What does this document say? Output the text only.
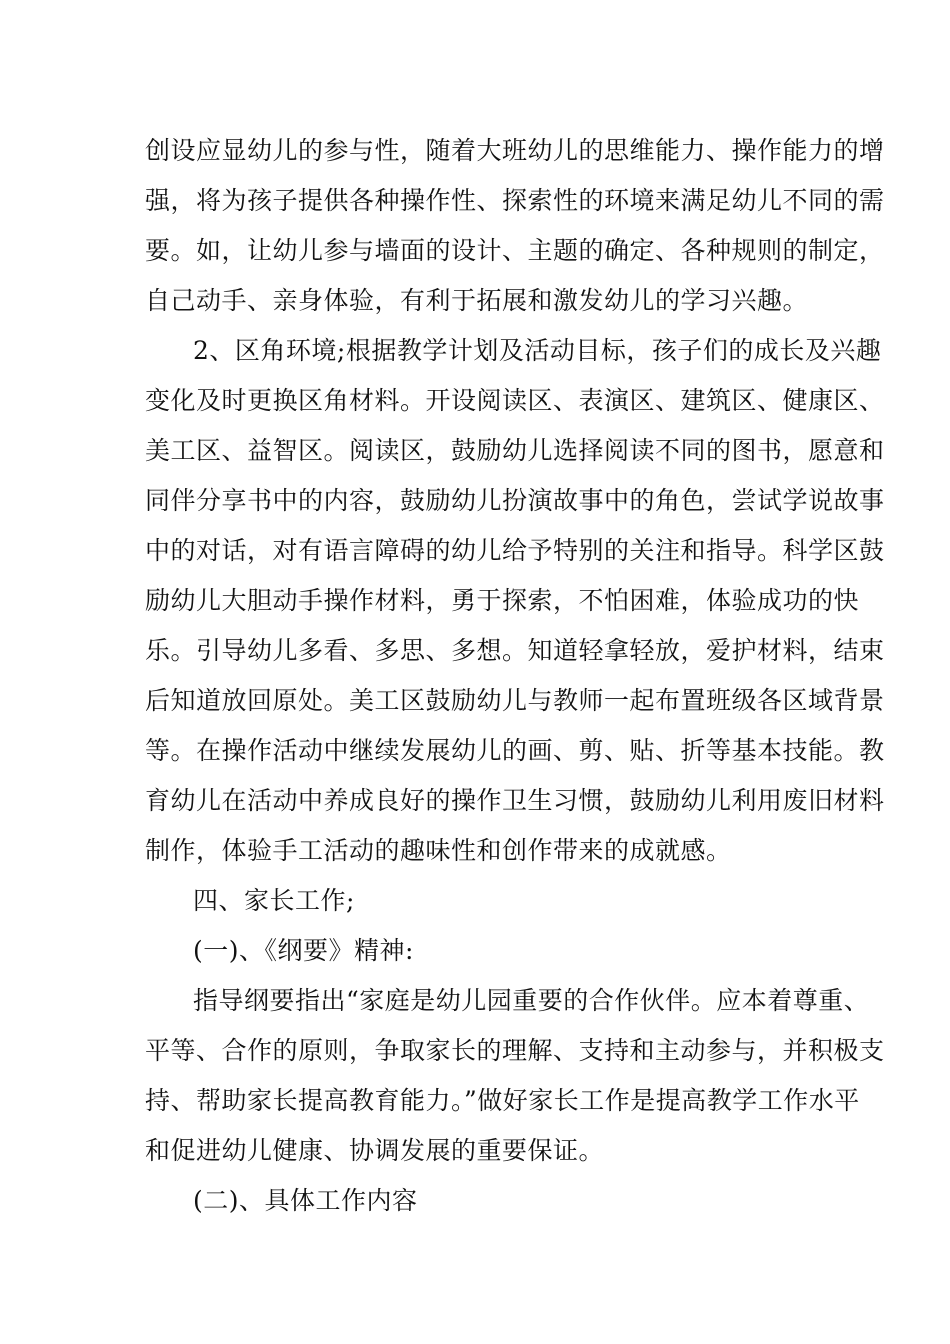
创设应显幼儿的参与性，随着大班幼儿的思维能力、操作能力的增
强，将为孩子提供各种操作性、探索性的环境来满足幼儿不同的需
要。如，让幼儿参与墙面的设计、主题的确定、各种规则的制定，
自己动手、亲身体验，有利于拓展和激发幼儿的学习兴趣。
2、区角环境;根据教学计划及活动目标，孩子们的成长及兴趣
变化及时更换区角材料。开设阅读区、表演区、建筑区、健康区、
美工区、益智区。阅读区，鼓励幼儿选择阅读不同的图书，愿意和
同伴分享书中的内容，鼓励幼儿扮演故事中的角色，尝试学说故事
中的对话，对有语言障碍的幼儿给予特别的关注和指导。科学区鼓
励幼儿大胆动手操作材料，勇于探索，不怕困难，体验成功的快
乐。引导幼儿多看、多思、多想。知道轻拿轻放，爱护材料，结束
后知道放回原处。美工区鼓励幼儿与教师一起布置班级各区域背景
等。在操作活动中继续发展幼儿的画、剪、贴、折等基本技能。教
育幼儿在活动中养成良好的操作卫生习惯，鼓励幼儿利用废旧材料
制作，体验手工活动的趣味性和创作带来的成就感。
四、家长工作;
(一)、《纲要》精神:
指导纲要指出“家庭是幼儿园重要的合作伙伴。应本着尊重、
平等、合作的原则，争取家长的理解、支持和主动参与，并积极支
持、帮助家长提高教育能力。”做好家长工作是提高教学工作水平
和促进幼儿健康、协调发展的重要保证。
(二)、具体工作内容
